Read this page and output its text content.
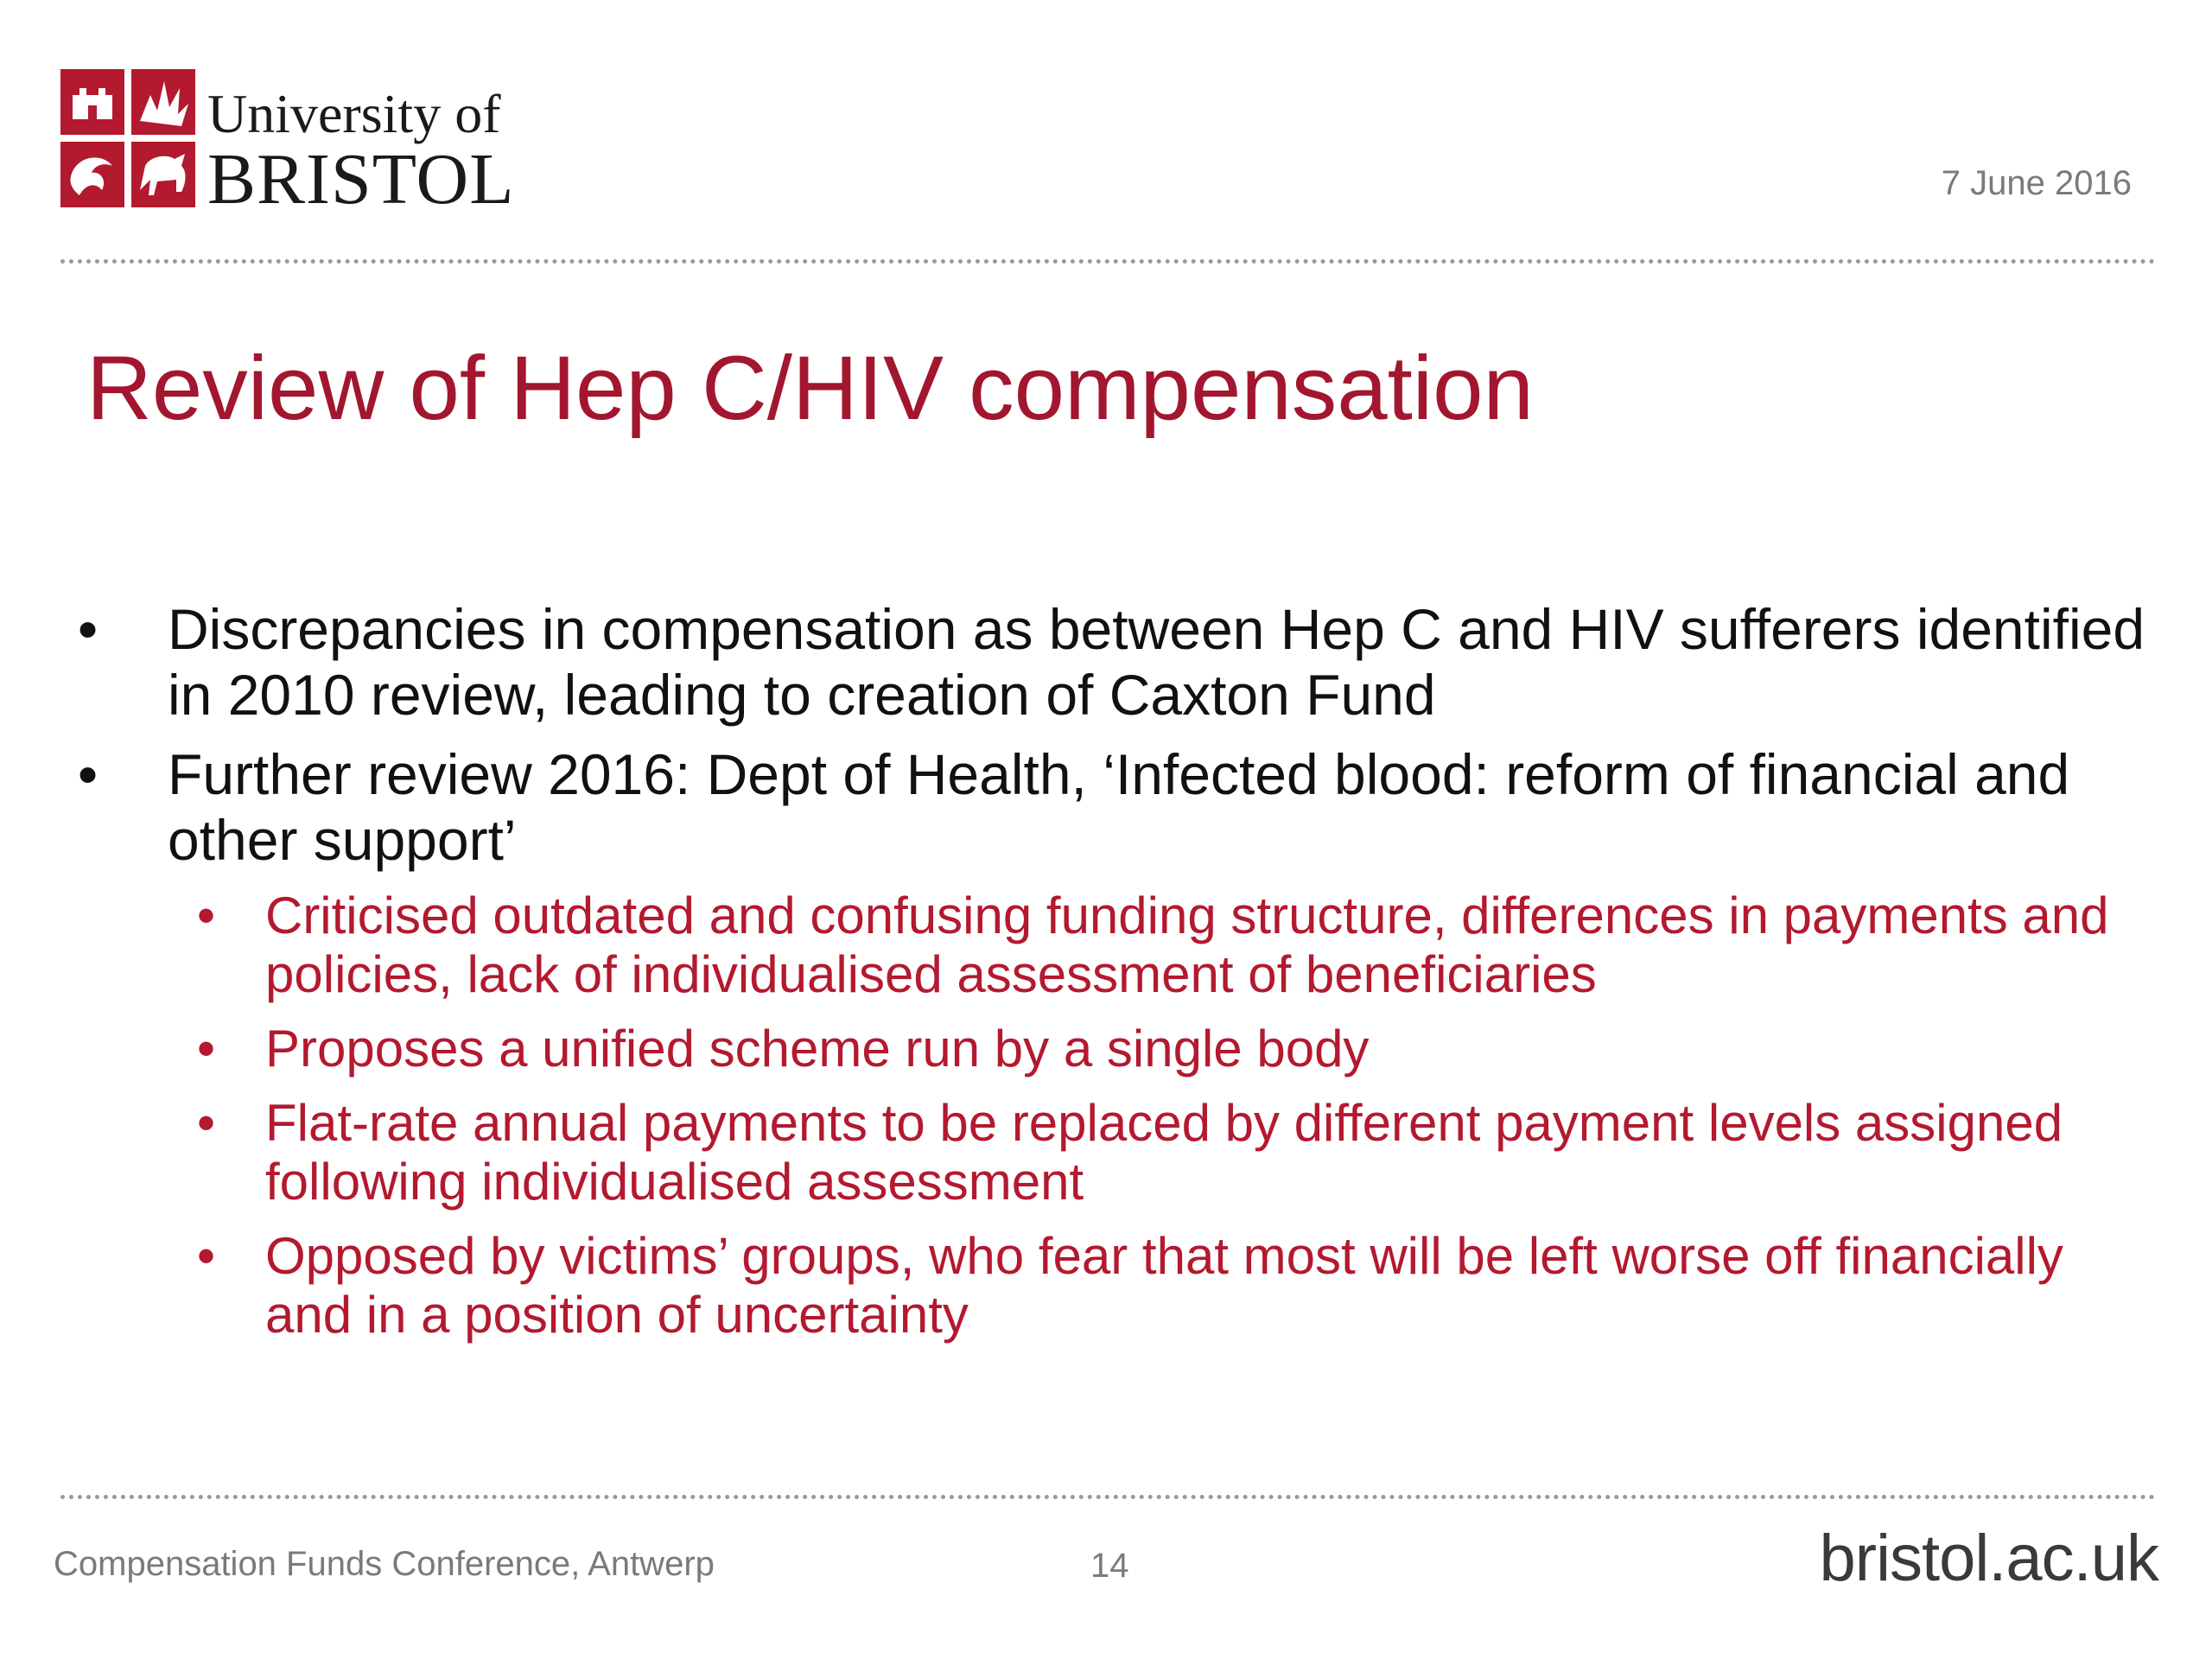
University of
BRISTOL	7 June 2016
Review of Hep C/HIV compensation
• Discrepancies in compensation as between Hep C and HIV sufferers identified in 2010 review, leading to creation of Caxton Fund
• Further review 2016: Dept of Health, ‘Infected blood: reform of financial and other support’
• Criticised outdated and confusing funding structure, differences in payments and policies, lack of individualised assessment of beneficiaries
• Proposes a unified scheme run by a single body
• Flat-rate annual payments to be replaced by different payment levels assigned following individualised assessment
• Opposed by victims’ groups, who fear that most will be left worse off financially and in a position of uncertainty
Compensation Funds Conference, Antwerp	14	bristol.ac.uk
